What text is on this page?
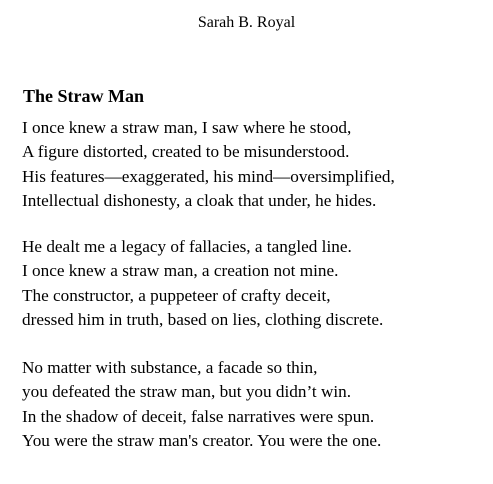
Sarah B. Royal
The Straw Man
I once knew a straw man, I saw where he stood,
A figure distorted, created to be misunderstood.
His features—exaggerated, his mind—oversimplified,
Intellectual dishonesty, a cloak that under, he hides.
He dealt me a legacy of fallacies, a tangled line.
I once knew a straw man, a creation not mine.
The constructor, a puppeteer of crafty deceit,
dressed him in truth, based on lies, clothing discrete.
No matter with substance, a facade so thin,
you defeated the straw man, but you didn’t win.
In the shadow of deceit, false narratives were spun.
You were the straw man's creator. You were the one.
